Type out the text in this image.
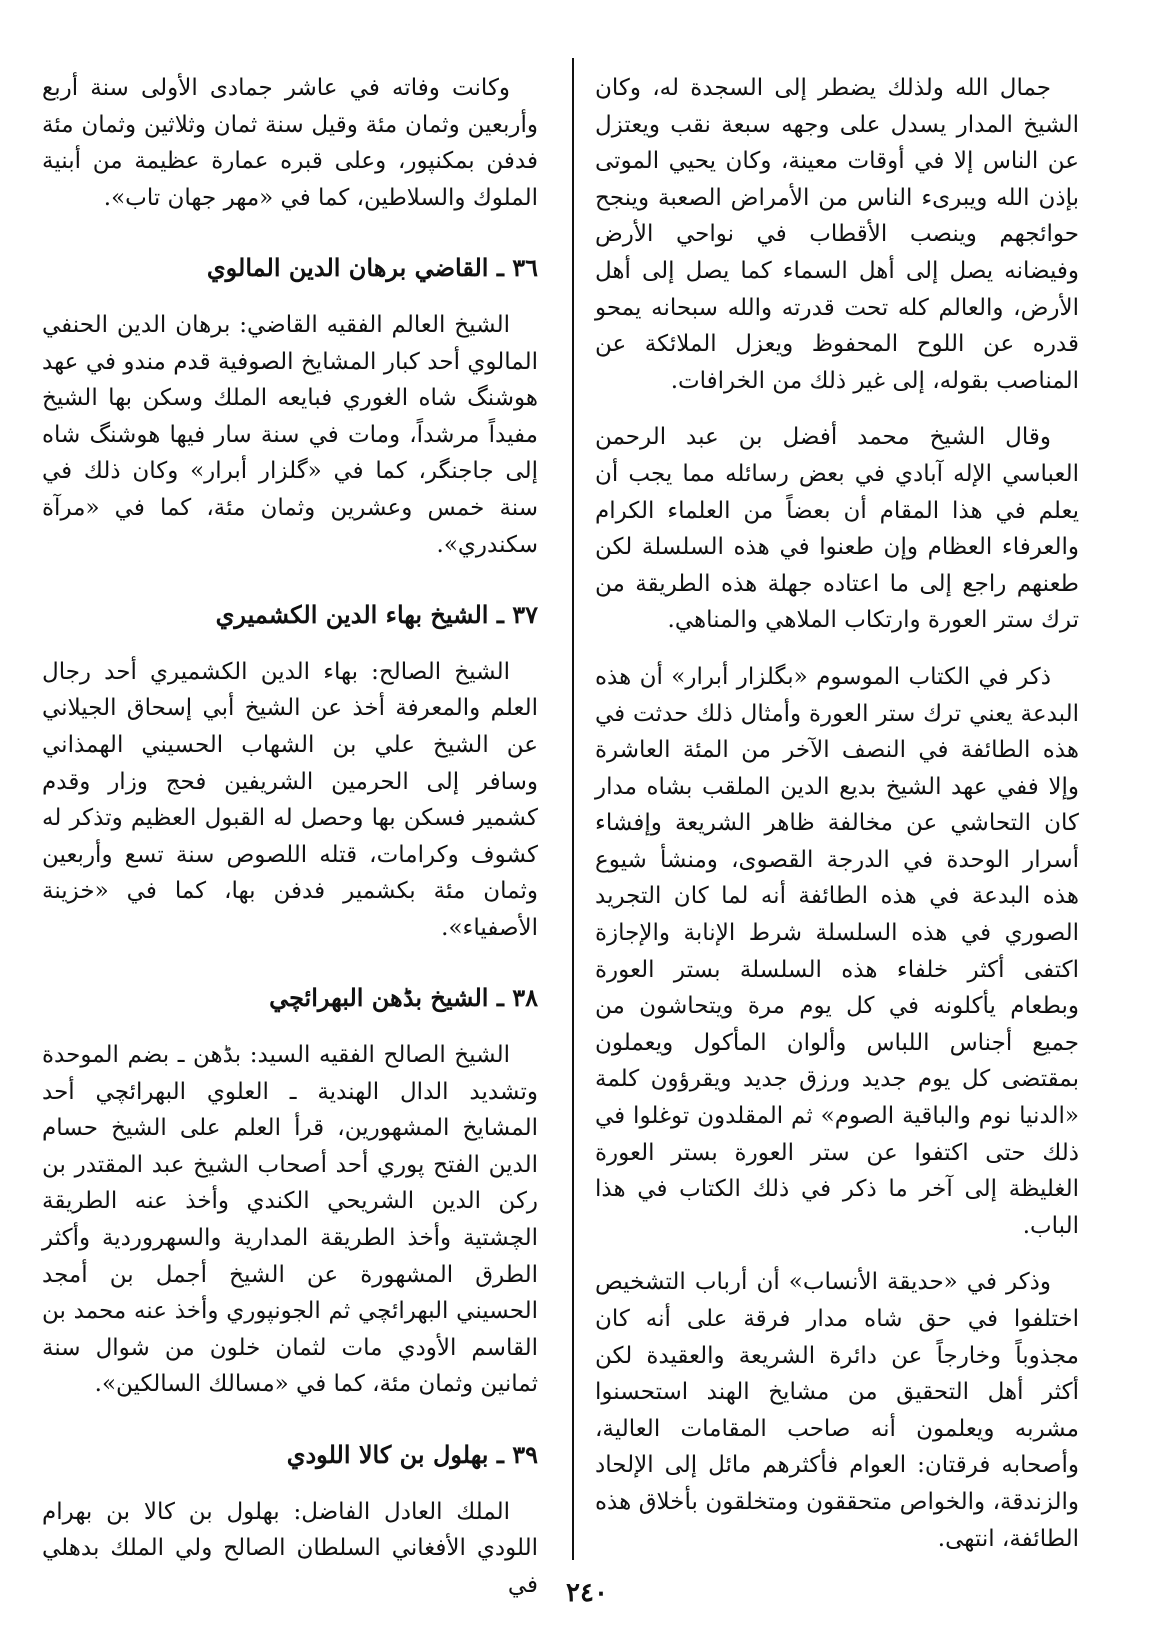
جمال الله ولذلك يضطر إلى السجدة له، وكان الشيخ المدار يسدل على وجهه سبعة نقب ويعتزل عن الناس إلا في أوقات معينة، وكان يحيي الموتى بإذن الله ويبرىء الناس من الأمراض الصعبة وينجح حوائجهم وينصب الأقطاب في نواحي الأرض وفيضانه يصل إلى أهل السماء كما يصل إلى أهل الأرض، والعالم كله تحت قدرته والله سبحانه يمحو قدره عن اللوح المحفوظ ويعزل الملائكة عن المناصب بقوله، إلى غير ذلك من الخرافات.

وقال الشيخ محمد أفضل بن عبد الرحمن العباسي الإله آبادي في بعض رسائله مما يجب أن يعلم في هذا المقام أن بعضاً من العلماء الكرام والعرفاء العظام وإن طعنوا في هذه السلسلة لكن طعنهم راجع إلى ما اعتاده جهلة هذه الطريقة من ترك ستر العورة وارتكاب الملاهي والمناهي.

ذكر في الكتاب الموسوم «بگلزار أبرار» أن هذه البدعة يعني ترك ستر العورة وأمثال ذلك حدثت في هذه الطائفة في النصف الآخر من المئة العاشرة وإلا ففي عهد الشيخ بديع الدين الملقب بشاه مدار كان التحاشي عن مخالفة ظاهر الشريعة وإفشاء أسرار الوحدة في الدرجة القصوى، ومنشأ شيوع هذه البدعة في هذه الطائفة أنه لما كان التجريد الصوري في هذه السلسلة شرط الإنابة والإجازة اكتفى أكثر خلفاء هذه السلسلة بستر العورة وبطعام يأكلونه في كل يوم مرة ويتحاشون من جميع أجناس اللباس وألوان المأكول ويعملون بمقتضى كل يوم جديد ورزق جديد ويقرؤون كلمة «الدنيا نوم والباقية الصوم» ثم المقلدون توغلوا في ذلك حتى اكتفوا عن ستر العورة بستر العورة الغليظة إلى آخر ما ذكر في ذلك الكتاب في هذا الباب.

وذكر في «حديقة الأنساب» أن أرباب التشخيص اختلفوا في حق شاه مدار فرقة على أنه كان مجذوباً وخارجاً عن دائرة الشريعة والعقيدة لكن أكثر أهل التحقيق من مشايخ الهند استحسنوا مشربه ويعلمون أنه صاحب المقامات العالية، وأصحابه فرقتان: العوام فأكثرهم مائل إلى الإلحاد والزندقة، والخواص متحققون ومتخلقون بأخلاق هذه الطائفة، انتهى.

وكانت وفاته في عاشر جمادى الأولى سنة أربع وأربعين وثمان مئة وقيل سنة ثمان وثلاثين وثمان مئة فدفن بمكنپور، وعلى قبره عمارة عظيمة من أبنية الملوك والسلاطين، كما في «مهر جهان تاب».

٣٦ ـ القاضي برهان الدين المالوي

الشيخ العالم الفقيه القاضي: برهان الدين الحنفي المالوي أحد كبار المشايخ الصوفية قدم مندو في عهد هوشنگ شاه الغوري فبايعه الملك وسكن بها الشيخ مفيداً مرشداً، ومات في سنة سار فيها هوشنگ شاه إلى جاجنگر، كما في «گلزار أبرار» وكان ذلك في سنة خمس وعشرين وثمان مئة، كما في «مرآة سكندري».

٣٧ ـ الشيخ بهاء الدين الكشميري

الشيخ الصالح: بهاء الدين الكشميري أحد رجال العلم والمعرفة أخذ عن الشيخ أبي إسحاق الجيلاني عن الشيخ علي بن الشهاب الحسيني الهمذاني وسافر إلى الحرمين الشريفين فحج وزار وقدم كشمير فسكن بها وحصل له القبول العظيم وتذكر له كشوف وكرامات، قتله اللصوص سنة تسع وأربعين وثمان مئة بكشمير فدفن بها، كما في «خزينة الأصفياء».

٣٨ ـ الشيخ بڈهن البهرائچي

الشيخ الصالح الفقيه السيد: بڈهن ـ بضم الموحدة وتشديد الدال الهندية ـ العلوي البهرائچي أحد المشايخ المشهورين، قرأ العلم على الشيخ حسام الدين الفتح پوري أحد أصحاب الشيخ عبد المقتدر بن ركن الدين الشريحي الكندي وأخذ عنه الطريقة الچشتية وأخذ الطريقة المدارية والسهروردية وأكثر الطرق المشهورة عن الشيخ أجمل بن أمجد الحسيني البهرائچي ثم الجونپوري وأخذ عنه محمد بن القاسم الأودي مات لثمان خلون من شوال سنة ثمانين وثمان مئة، كما في «مسالك السالكين».

٣٩ ـ بهلول بن كالا اللودي

الملك العادل الفاضل: بهلول بن كالا بن بهرام اللودي الأفغاني السلطان الصالح ولي الملك بدهلي في	٢٤٠
